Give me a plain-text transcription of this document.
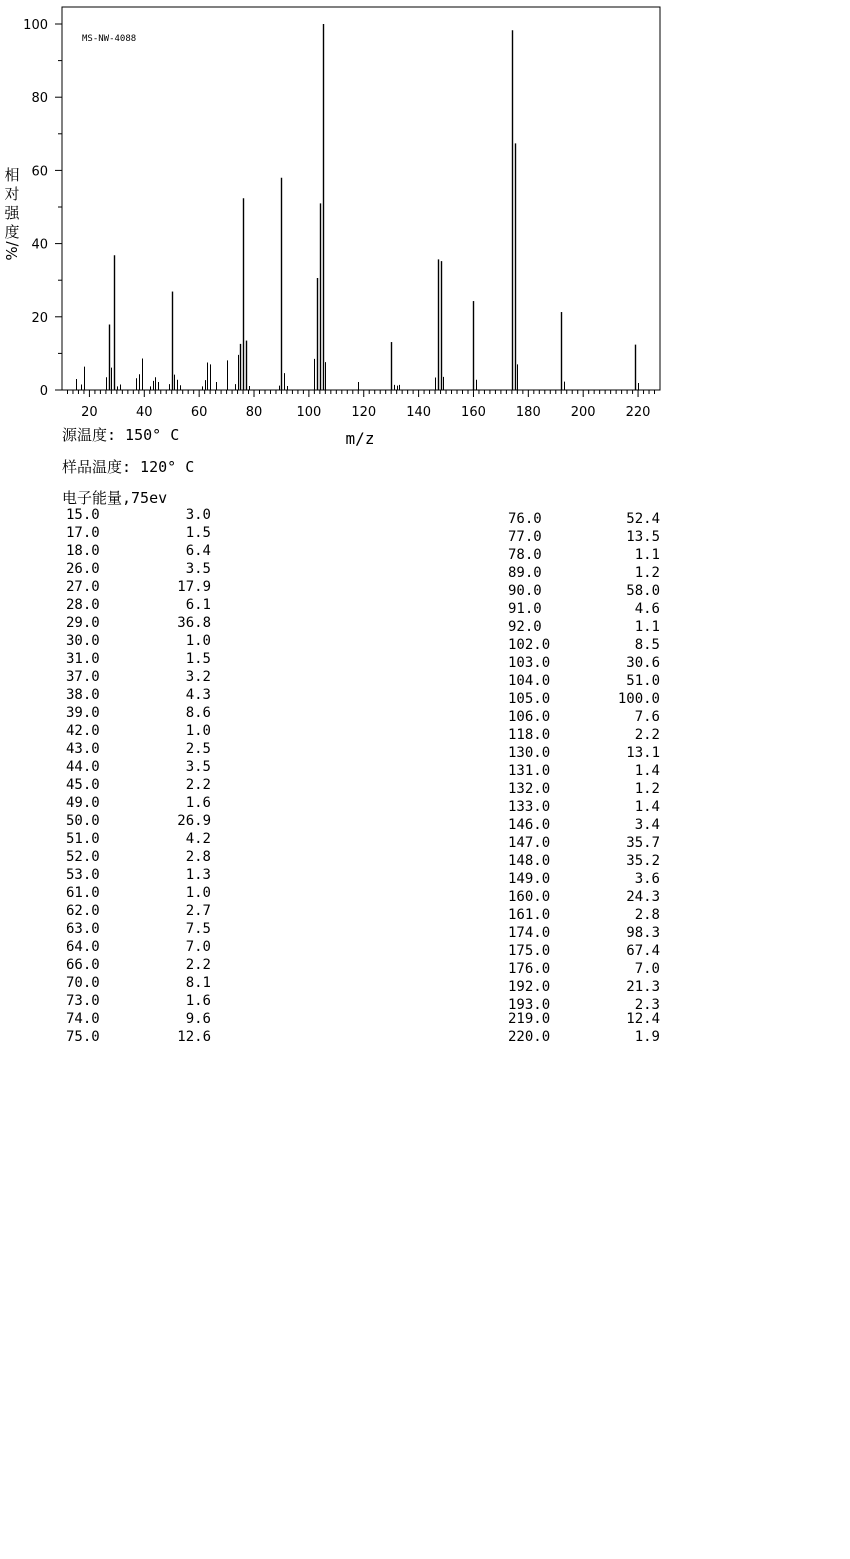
MS-NW-4088
m/z
相
对
强
度
%/
20	40	60	80	100 120 140 160 180 200 220
0
20
40
60
80
100
源温度: 150° C
样品温度: 120° C
电子能量,75ev
15.0	3.0
17.0	1.5
18.0	6.4
26.0	3.5
27.0	17.9
28.0	6.1
29.0	36.8
30.0	1.0
31.0	1.5
37.0	3.2
38.0	4.3
39.0	8.6
42.0	1.0
43.0	2.5
44.0	3.5
45.0	2.2
49.0	1.6
50.0	26.9
51.0	4.2
52.0	2.8
53.0	1.3
61.0	1.0
62.0	2.7
63.0	7.5
64.0	7.0
66.0	2.2
70.0	8.1
73.0	1.6
74.0	9.6
75.0	12.6
76.0	52.4
77.0	13.5
78.0	1.1
89.0	1.2
90.0	58.0
91.0	4.6
92.0	1.1
102.0	8.5
103.0	30.6
104.0	51.0
105.0	100.0
106.0	7.6
118.0	2.2
130.0	13.1
131.0	1.4
132.0	1.2
133.0	1.4
146.0	3.4
147.0	35.7
148.0	35.2
149.0	3.6
160.0	24.3
161.0	2.8
174.0	98.3
175.0	67.4
176.0	7.0
192.0	21.3
193.0	2.3
219.0	12.4
220.0	1.9
